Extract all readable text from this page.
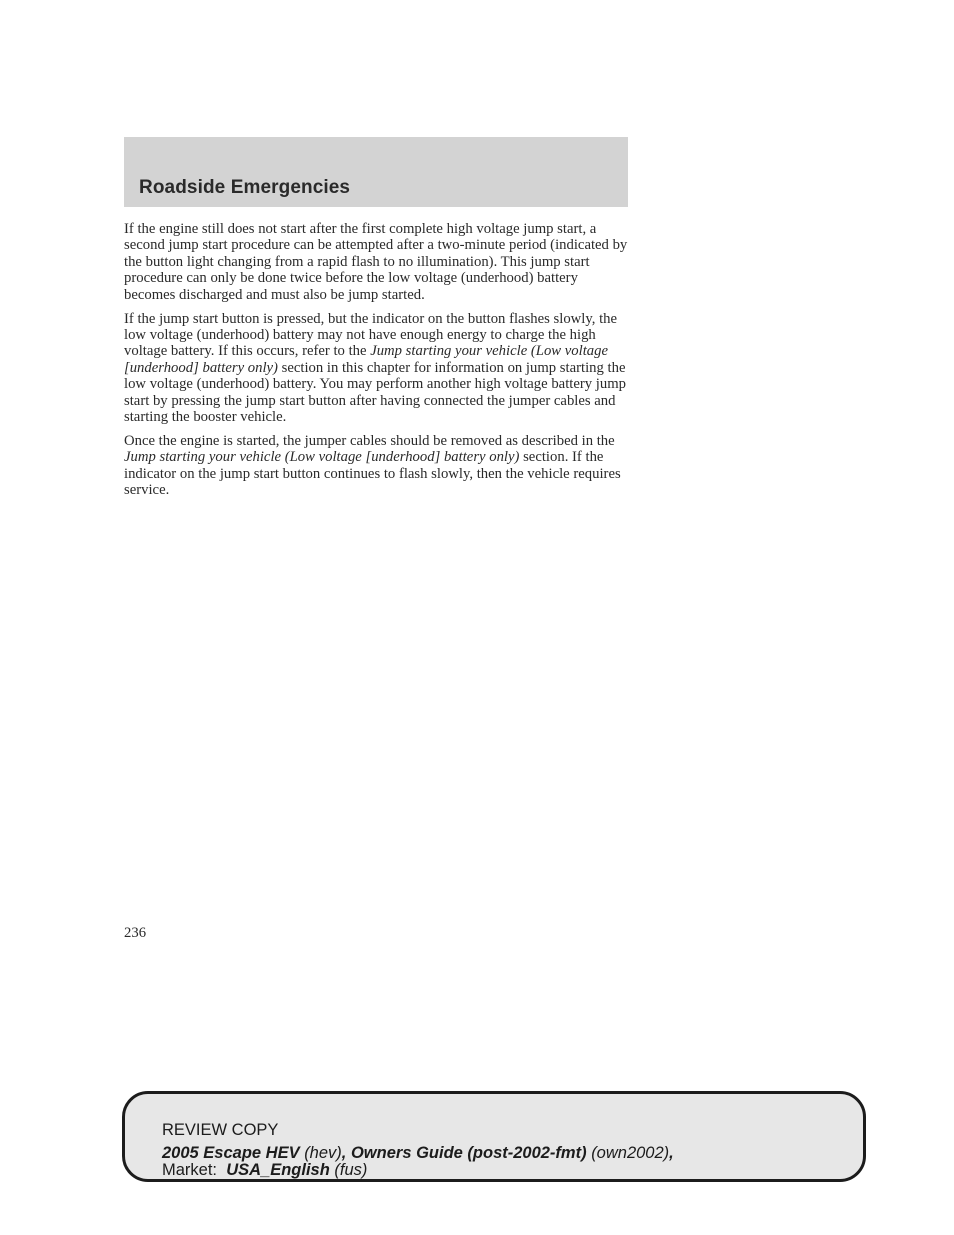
Roadside Emergencies

If the engine still does not start after the first complete high voltage jump start, a second jump start procedure can be attempted after a two-minute period (indicated by the button light changing from a rapid flash to no illumination). This jump start procedure can only be done twice before the low voltage (underhood) battery becomes discharged and must also be jump started.

If the jump start button is pressed, but the indicator on the button flashes slowly, the low voltage (underhood) battery may not have enough energy to charge the high voltage battery. If this occurs, refer to the Jump starting your vehicle (Low voltage [underhood] battery only) section in this chapter for information on jump starting the low voltage (underhood) battery. You may perform another high voltage battery jump start by pressing the jump start button after having connected the jumper cables and starting the booster vehicle.

Once the engine is started, the jumper cables should be removed as described in the Jump starting your vehicle (Low voltage [underhood] battery only) section. If the indicator on the jump start button continues to flash slowly, then the vehicle requires service.

236
REVIEW COPY
2005 Escape HEV (hev), Owners Guide (post-2002-fmt) (own2002),
Market: USA_English (fus)
